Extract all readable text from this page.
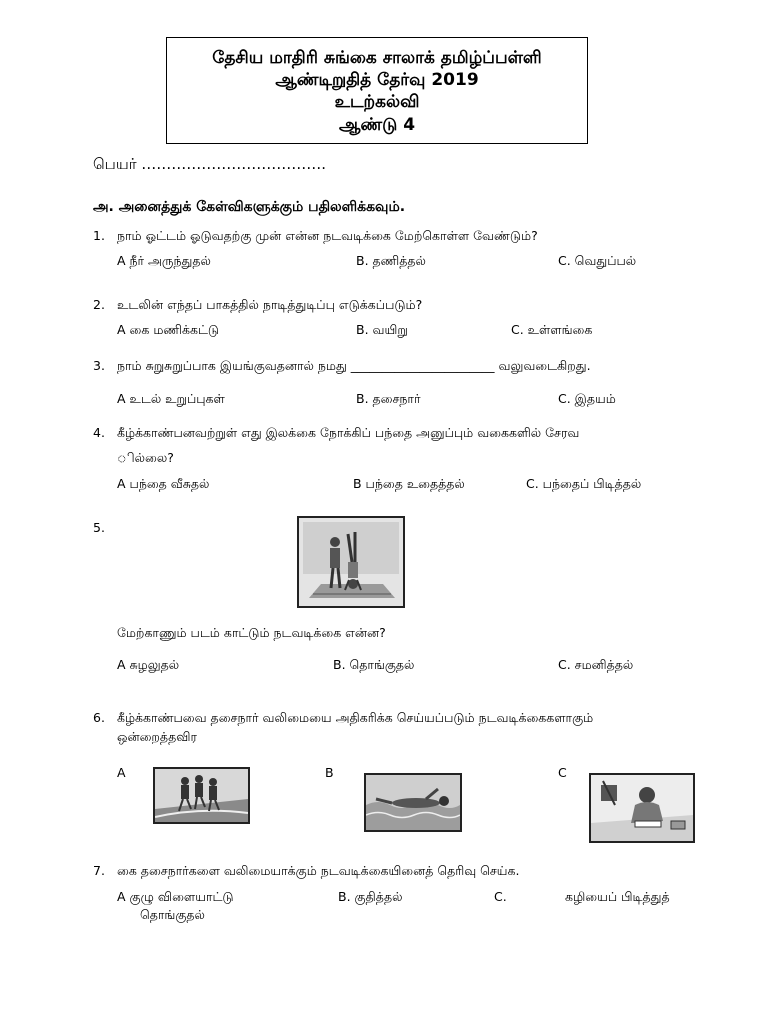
தேசிய மாதிரி சுங்கை சாலாக் தமிழ்ப்பள்ளி
ஆண்டிறுதித் தேர்வு 2019
உடற்கல்வி
ஆண்டு 4
பெயர் ……………………………….
அ. அனைத்துக் கேள்விகளுக்கும் பதிலளிக்கவும்.
1. நாம் ஓட்டம் ஓடுவதற்கு முன் என்ன நடவடிக்கை மேற்கொள்ள வேண்டும்?
A நீர் அருந்துதல்	B. தணித்தல்	C. வெதுப்பல்
2. உடலின் எந்தப் பாகத்தில் நாடித்துடிப்பு எடுக்கப்படும்?
A கை மணிக்கட்டு	B. வயிறு	C. உள்ளங்கை
3. நாம் சுறுசுறுப்பாக இயங்குவதனால் நமது _______________________ வலுவடைகிறது.
A உடல் உறுப்புகள்	B. தசைநார்	C. இதயம்
4. கீழ்க்காண்பனவற்றுள் எது இலக்கை நோக்கிப் பந்தை அனுப்பும் வகைகளில் சேரவ
ில்லை?
A பந்தை வீசுதல்	B பந்தை உதைத்தல்	C. பந்தைப் பிடித்தல்
5.
மேற்காணும் படம் காட்டும் நடவடிக்கை என்ன?
A சுழலுதல்	B. தொங்குதல்	C. சமனித்தல்
6. கீழ்க்காண்பவை தசைநார் வலிமையை அதிகரிக்க செய்யப்படும் நடவடிக்கைகளாகும்
ஒன்றைத்தவிர
A	B	C
7. கை தசைநார்களை வலிமையாக்கும் நடவடிக்கையினைத் தெரிவு செய்க.
A குழு விளையாட்டு	B. குதித்தல்	C.	கழியைப் பிடித்துத்
தொங்குதல்
